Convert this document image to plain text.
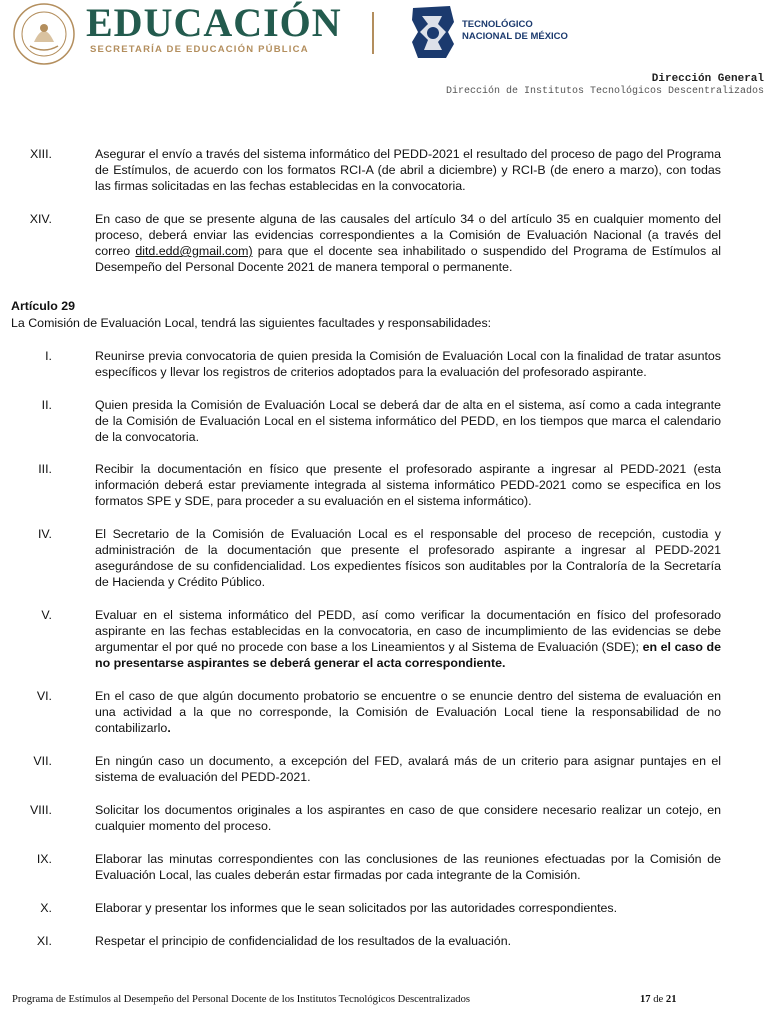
EDUCACIÓN
SECRETARÍA DE EDUCACIÓN PÚBLICA
TECNOLÓGICO
NACIONAL DE MÉXICO
Dirección General
Dirección de Institutos Tecnológicos Descentralizados
XIII.	Asegurar el envío a través del sistema informático del PEDD-2021 el resultado del proceso de pago del Programa de Estímulos, de acuerdo con los formatos RCI-A (de abril a diciembre) y RCI-B (de enero a marzo), con todas las firmas solicitadas en las fechas establecidas en la convocatoria.
XIV.	En caso de que se presente alguna de las causales del artículo 34 o del artículo 35 en cualquier momento del proceso, deberá enviar las evidencias correspondientes a la Comisión de Evaluación Nacional (a través del correo ditd.edd@gmail.com) para que el docente sea inhabilitado o suspendido del Programa de Estímulos al Desempeño del Personal Docente 2021 de manera temporal o permanente.
Artículo 29
La Comisión de Evaluación Local, tendrá las siguientes facultades y responsabilidades:
I.	Reunirse previa convocatoria de quien presida la Comisión de Evaluación Local con la finalidad de tratar asuntos específicos y llevar los registros de criterios adoptados para la evaluación del profesorado aspirante.
II.	Quien presida la Comisión de Evaluación Local se deberá dar de alta en el sistema, así como a cada integrante de la Comisión de Evaluación Local en el sistema informático del PEDD, en los tiempos que marca el calendario de la convocatoria.
III.	Recibir la documentación en físico que presente el profesorado aspirante a ingresar al PEDD-2021 (esta información deberá estar previamente integrada al sistema informático PEDD-2021 como se especifica en los formatos SPE y SDE, para proceder a su evaluación en el sistema informático).
IV.	El Secretario de la Comisión de Evaluación Local es el responsable del proceso de recepción, custodia y administración de la documentación que presente el profesorado aspirante a ingresar al PEDD-2021 asegurándose de su confidencialidad. Los expedientes físicos son auditables por la Contraloría de la Secretaría de Hacienda y Crédito Público.
V.	Evaluar en el sistema informático del PEDD, así como verificar la documentación en físico del profesorado aspirante en las fechas establecidas en la convocatoria, en caso de incumplimiento de las evidencias se debe argumentar el por qué no procede con base a los Lineamientos y al Sistema de Evaluación (SDE); en el caso de no presentarse aspirantes se deberá generar el acta correspondiente.
VI.	En el caso de que algún documento probatorio se encuentre o se enuncie dentro del sistema de evaluación en una actividad a la que no corresponde, la Comisión de Evaluación Local tiene la responsabilidad de no contabilizarlo.
VII.	En ningún caso un documento, a excepción del FED, avalará más de un criterio para asignar puntajes en el sistema de evaluación del PEDD-2021.
VIII.	Solicitar los documentos originales a los aspirantes en caso de que considere necesario realizar un cotejo, en cualquier momento del proceso.
IX.	Elaborar las minutas correspondientes con las conclusiones de las reuniones efectuadas por la Comisión de Evaluación Local, las cuales deberán estar firmadas por cada integrante de la Comisión.
X.	Elaborar y presentar los informes que le sean solicitados por las autoridades correspondientes.
XI.	Respetar el principio de confidencialidad de los resultados de la evaluación.
Programa de Estímulos al Desempeño del Personal Docente de los Institutos Tecnológicos Descentralizados	17 de 21
